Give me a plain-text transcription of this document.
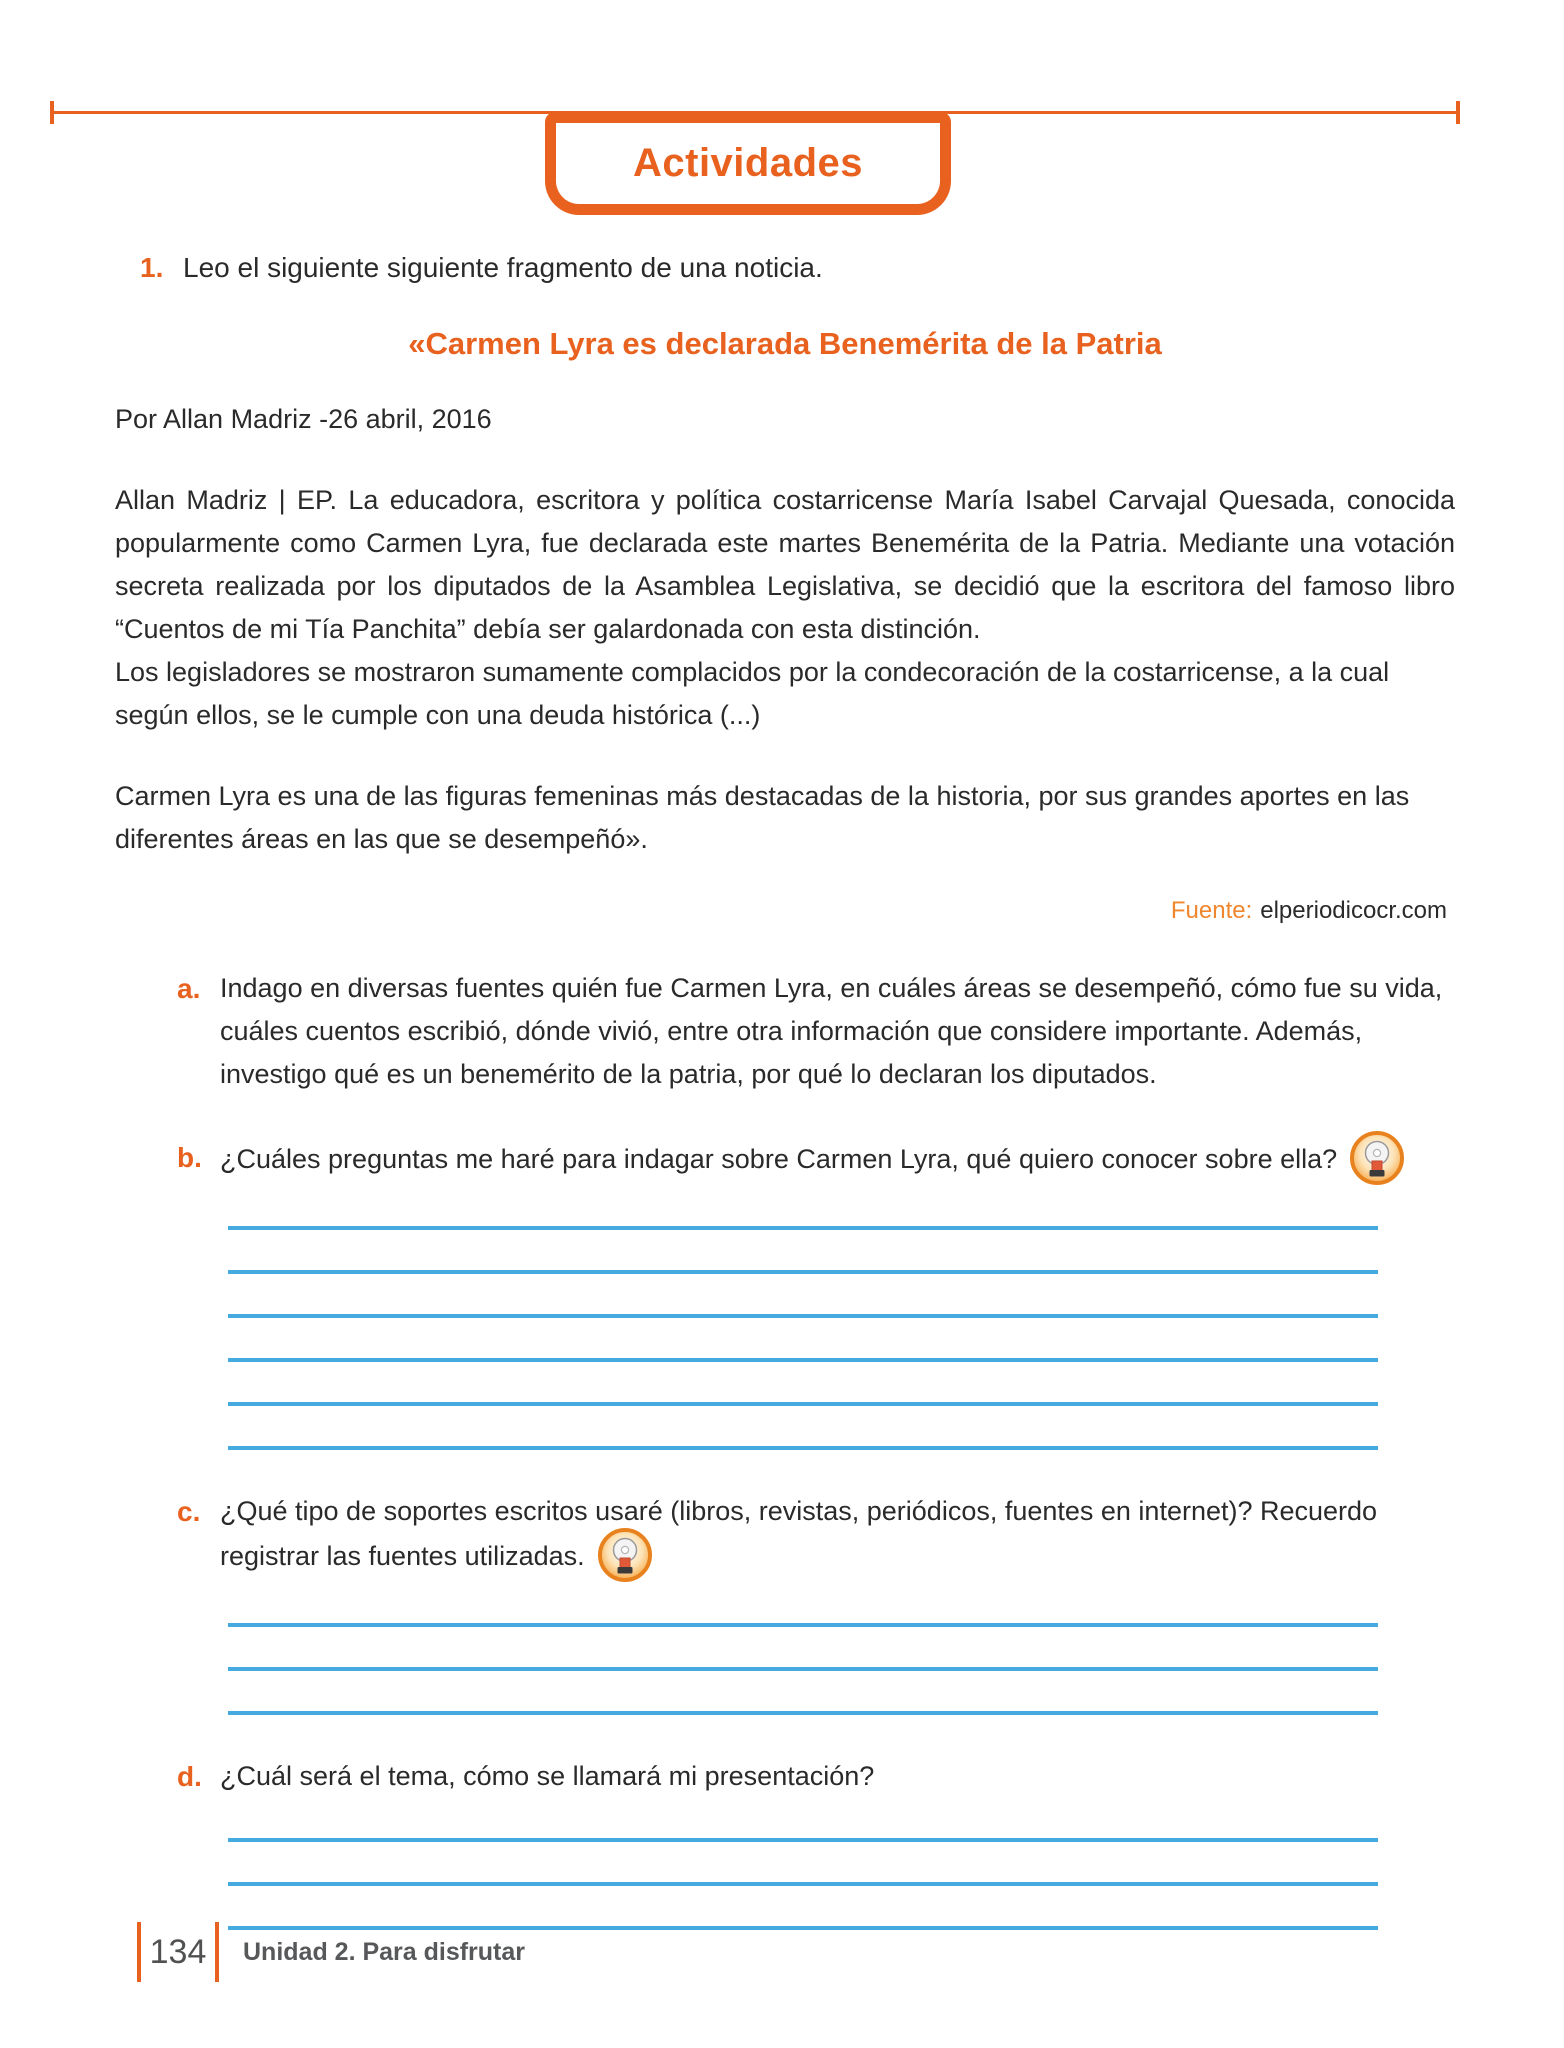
Actividades
1. Leo el siguiente siguiente fragmento de una noticia.
«Carmen Lyra es declarada Benemérita de la Patria
Por Allan Madriz -26 abril, 2016

Allan Madriz | EP. La educadora, escritora y política costarricense María Isabel Carvajal Quesada, conocida popularmente como Carmen Lyra, fue declarada este martes Benemérita de la Patria. Mediante una votación secreta realizada por los diputados de la Asamblea Legislativa, se decidió que la escritora del famoso libro “Cuentos de mi Tía Panchita” debía ser galardonada con esta distinción.

Los legisladores se mostraron sumamente complacidos por la condecoración de la costarricense, a la cual según ellos, se le cumple con una deuda histórica (...)

Carmen Lyra es una de las figuras femeninas más destacadas de la historia, por sus grandes aportes en las diferentes áreas en las que se desempeñó».

Fuente: elperiodicocr.com
a. Indago en diversas fuentes quién fue Carmen Lyra, en cuáles áreas se desempeñó, cómo fue su vida, cuáles cuentos escribió, dónde vivió, entre otra información que considere importante. Además, investigo qué es un benemérito de la patria, por qué lo declaran los diputados.

b. ¿Cuáles preguntas me haré para indagar sobre Carmen Lyra, qué quiero conocer sobre ella?

c. ¿Qué tipo de soportes escritos usaré (libros, revistas, periódicos, fuentes en internet)? Recuerdo registrar las fuentes utilizadas.

d. ¿Cuál será el tema, cómo se llamará mi presentación?

134	Unidad 2. Para disfrutar
